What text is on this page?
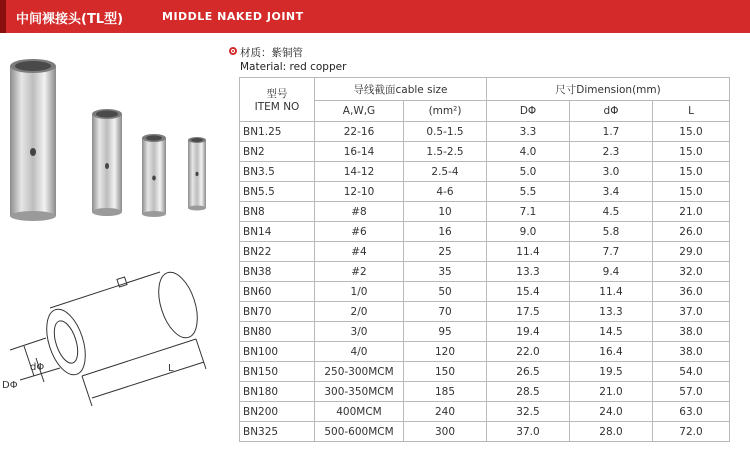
中间裸接头(TL型)	MIDDLE NAKED JOINT
dΦ
DΦ
L
材质：紫铜管
Material: red copper
型号
ITEM NO	导线截面cable size		尺寸Dimension(mm)		
	A,W,G	(mm²)	DΦ	dΦ	L
BN1.25	22-16	0.5-1.5	3.3	1.7	15.0
BN2	16-14	1.5-2.5	4.0	2.3	15.0
BN3.5	14-12	2.5-4	5.0	3.0	15.0
BN5.5	12-10	4-6	5.5	3.4	15.0
BN8	#8	10	7.1	4.5	21.0
BN14	#6	16	9.0	5.8	26.0
BN22	#4	25	11.4	7.7	29.0
BN38	#2	35	13.3	9.4	32.0
BN60	1/0	50	15.4	11.4	36.0
BN70	2/0	70	17.5	13.3	37.0
BN80	3/0	95	19.4	14.5	38.0
BN100	4/0	120	22.0	16.4	38.0
BN150	250-300MCM	150	26.5	19.5	54.0
BN180	300-350MCM	185	28.5	21.0	57.0
BN200	400MCM	240	32.5	24.0	63.0
BN325	500-600MCM	300	37.0	28.0	72.0
